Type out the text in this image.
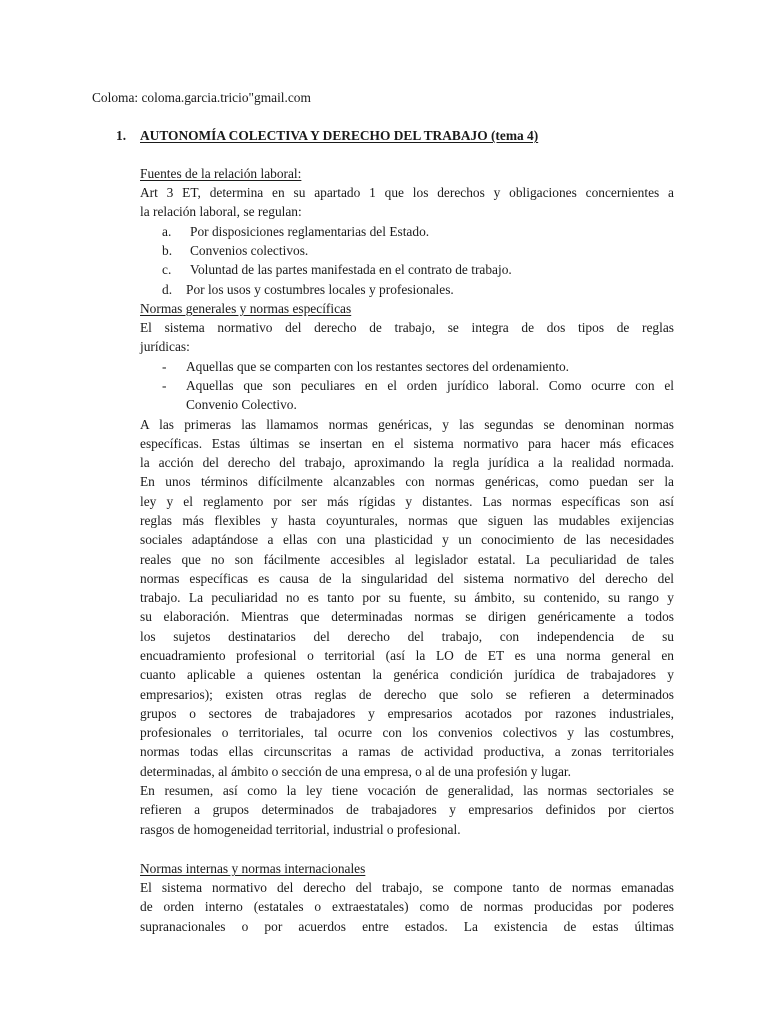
Coloma: coloma.garcia.tricio"gmail.com
1. AUTONOMÍA COLECTIVA Y DERECHO DEL TRABAJO (tema 4)
Fuentes de la relación laboral:
Art 3 ET, determina en su apartado 1 que los derechos y obligaciones concernientes a
la relación laboral, se regulan:
a. Por disposiciones reglamentarias del Estado.
b. Convenios colectivos.
c. Voluntad de las partes manifestada en el contrato de trabajo.
d. Por los usos y costumbres locales y profesionales.
Normas generales y normas específicas
El sistema normativo del derecho de trabajo, se integra de dos tipos de reglas
jurídicas:
- Aquellas que se comparten con los restantes sectores del ordenamiento.
- Aquellas que son peculiares en el orden jurídico laboral. Como ocurre con el
Convenio Colectivo.
A las primeras las llamamos normas genéricas, y las segundas se denominan normas
específicas. Estas últimas se insertan en el sistema normativo para hacer más eficaces
la acción del derecho del trabajo, aproximando la regla jurídica a la realidad normada.
En unos términos difícilmente alcanzables con normas genéricas, como puedan ser la
ley y el reglamento por ser más rígidas y distantes. Las normas específicas son así
reglas más flexibles y hasta coyunturales, normas que siguen las mudables exijencias
sociales adaptándose a ellas con una plasticidad y un conocimiento de las necesidades
reales que no son fácilmente accesibles al legislador estatal. La peculiaridad de tales
normas específicas es causa de la singularidad del sistema normativo del derecho del
trabajo. La peculiaridad no es tanto por su fuente, su ámbito, su contenido, su rango y
su elaboración. Mientras que determinadas normas se dirigen genéricamente a todos
los sujetos destinatarios del derecho del trabajo, con independencia de su
encuadramiento profesional o territorial (así la LO de ET es una norma general en
cuanto aplicable a quienes ostentan la genérica condición jurídica de trabajadores y
empresarios); existen otras reglas de derecho que solo se refieren a determinados
grupos o sectores de trabajadores y empresarios acotados por razones industriales,
profesionales o territoriales, tal ocurre con los convenios colectivos y las costumbres,
normas todas ellas circunscritas a ramas de actividad productiva, a zonas territoriales
determinadas, al ámbito o sección de una empresa, o al de una profesión y lugar.
En resumen, así como la ley tiene vocación de generalidad, las normas sectoriales se
refieren a grupos determinados de trabajadores y empresarios definidos por ciertos
rasgos de homogeneidad territorial, industrial o profesional.
Normas internas y normas internacionales
El sistema normativo del derecho del trabajo, se compone tanto de normas emanadas
de orden interno (estatales o extraestatales) como de normas producidas por poderes
supranacionales o por acuerdos entre estados. La existencia de estas últimas
